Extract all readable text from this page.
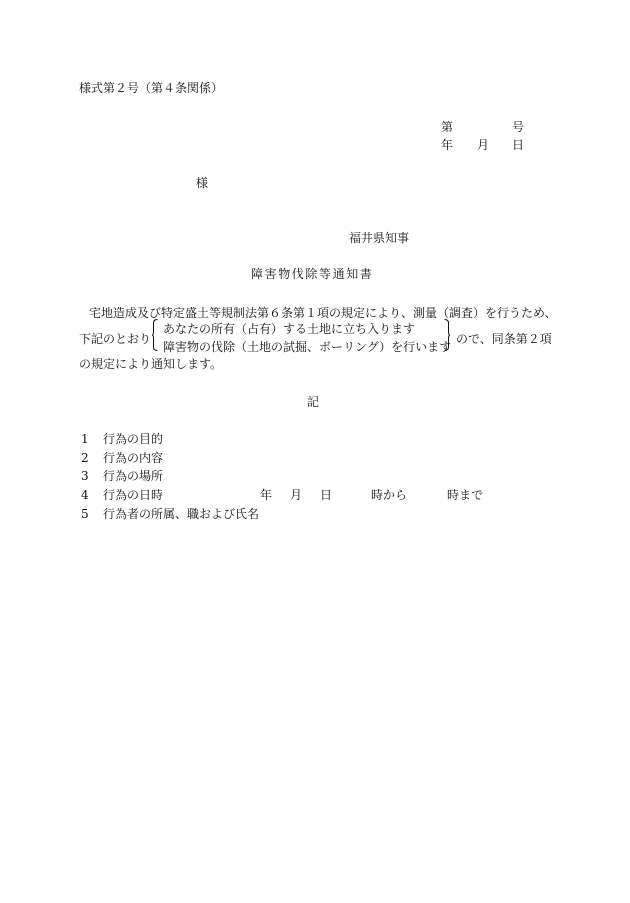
様式第２号（第４条関係）
第	号
年 月 日
様
福井県知事
障害物伐除等通知書
宅地造成及び特定盛土等規制法第６条第１項の規定により、測量（調査）を行うため、
下記のとおり
あなたの所有（占有）する土地に立ち入ります
障害物の伐除（土地の試掘、ボーリング）を行います
ので、同条第２項
の規定により通知します。
記
1 行為の目的
2 行為の内容
3 行為の場所
4 行為の日時	年 月 日	時から	時まで
5 行為者の所属、職および氏名
